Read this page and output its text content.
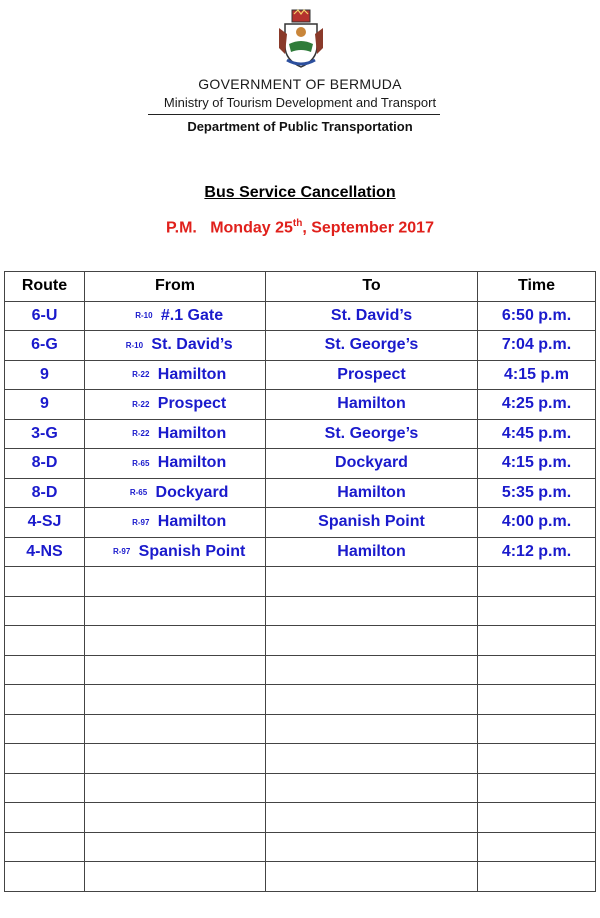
GOVERNMENT OF BERMUDA
Ministry of Tourism Development and Transport
Department of Public Transportation
Bus Service Cancellation
P.M. Monday 25th, September 2017
Route	From	To	Time
6-U	R-10 #.1 Gate	St. David’s	6:50 p.m.
6-G	R-10 St. David’s	St. George’s	7:04 p.m.
9	R-22 Hamilton	Prospect	4:15 p.m
9	R-22 Prospect	Hamilton	4:25 p.m.
3-G	R-22 Hamilton	St. George’s	4:45 p.m.
8-D	R-65 Hamilton	Dockyard	4:15 p.m.
8-D	R-65 Dockyard	Hamilton	5:35 p.m.
4-SJ	R-97 Hamilton	Spanish Point	4:00 p.m.
4-NS	R-97 Spanish Point	Hamilton	4:12 p.m.
